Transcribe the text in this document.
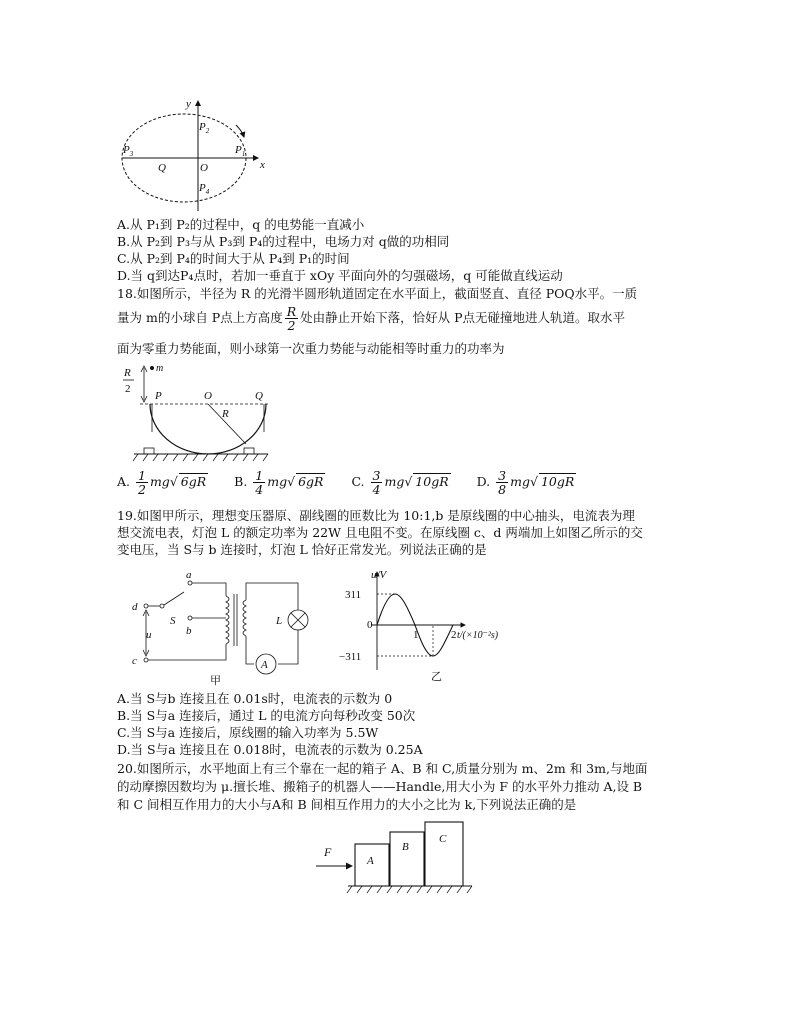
y
x
$P_2$
$P_1$
$P_3$
$P_4$
Q	O
A.从 P₁到 P₂的过程中，q 的电势能一直减小
B.从 P₂到 P₃与从 P₃到 P₄的过程中，电场力对 q做的功相同
C.从 P₂到 P₄的时间大于从 P₄到 P₁的时间
D.当 q到达P₄点时，若加一垂直于 xOy 平面向外的匀强磁场，q 可能做直线运动
18.如图所示，半径为 R 的光滑半圆形轨道固定在水平面上，截面竖直、直径 POQ水平。一质
量为 m的小球自 P点上方高度 $\frac{R}{2}$ 处由静止开始下落，恰好从 P点无碰撞地进人轨道。取水平
面为零重力势能面，则小球第一次重力势能与动能相等时重力的功率为
R
2
m
P	O	Q
R
A. $\frac{1}{2} mg√$ 6gR B. $\frac{1}{4} mg√$ 6gR C. $\frac{3}{4} mg√$ 10gR D. $\frac{3}{8} mg√$ 10gR
19.如图甲所示，理想变压器原、副线圈的匝数比为 10:1,b 是原线圈的中心抽头，电流表为理
想交流电表，灯泡 L 的额定功率为 22W 且电阻不变。在原线圈 c、d 两端加上如图乙所示的交
变电压，当 S与 b 连接时，灯泡 L 恰好正常发光。列说法正确的是
a
d
S
b
u
c
L
A
甲
u/V
311
0
−311
1	2 t/(×10⁻²s)
乙
A.当 S与b 连接且在 0.01s时，电流表的示数为 0
B.当 S与a 连接后，通过 L 的电流方向每秒改变 50次
C.当 S与a 连接后，原线圈的输入功率为 5.5W
D.当 S与a 连接且在 0.018时，电流表的示数为 0.25A
20.如图所示，水平地面上有三个靠在一起的箱子 A、B 和 C,质量分别为 m、2m 和 3m,与地面
的动摩擦因数均为 μ.擅长堆、搬箱子的机器人——Handle,用大小为 F 的水平外力推动 A,设 B
和 C 间相互作用力的大小与A和 B 间相互作用力的大小之比为 k,下列说法正确的是
F
A
B
C
